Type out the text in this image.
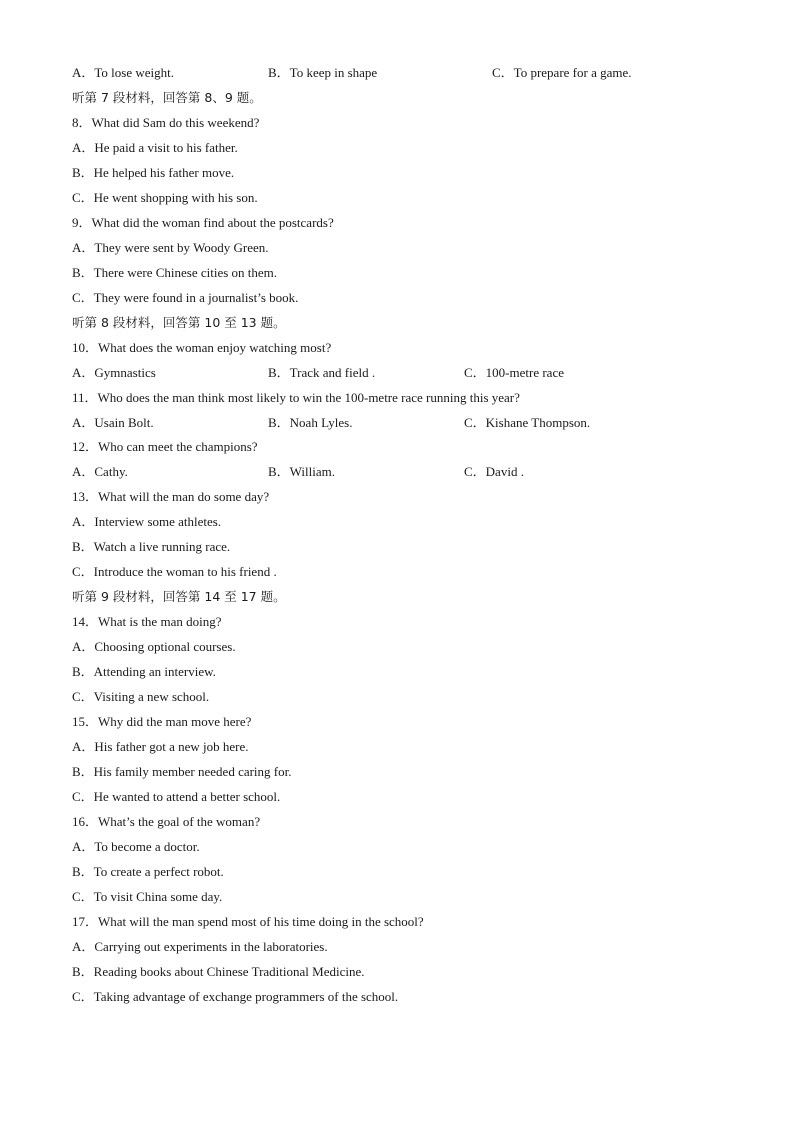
A．To lose weight.	B．To keep in shape	C．To prepare for a game.
听第 7 段材料，回答第 8、9 题。
8．What did Sam do this weekend?
A．He paid a visit to his father.
B．He helped his father move.
C．He went shopping with his son.
9．What did the woman find about the postcards?
A．They were sent by Woody Green.
B．There were Chinese cities on them.
C．They were found in a journalist’s book.
听第 8 段材料，回答第 10 至 13 题。
10．What does the woman enjoy watching most?
A．Gymnastics	B．Track and field .	C．100-metre race
11．Who does the man think most likely to win the 100-metre race running this year?
A．Usain Bolt.	B．Noah Lyles.	C．Kishane Thompson.
12．Who can meet the champions?
A．Cathy.	B．William.	C．David .
13．What will the man do some day?
A．Interview some athletes.
B．Watch a live running race.
C．Introduce the woman to his friend .
听第 9 段材料，回答第 14 至 17 题。
14．What is the man doing?
A．Choosing optional courses.
B．Attending an interview.
C．Visiting a new school.
15．Why did the man move here?
A．His father got a new job here.
B．His family member needed caring for.
C．He wanted to attend a better school.
16．What’s the goal of the woman?
A．To become a doctor.
B．To create a perfect robot.
C．To visit China some day.
17．What will the man spend most of his time doing in the school?
A．Carrying out experiments in the laboratories.
B．Reading books about Chinese Traditional Medicine.
C．Taking advantage of exchange programmers of the school.
